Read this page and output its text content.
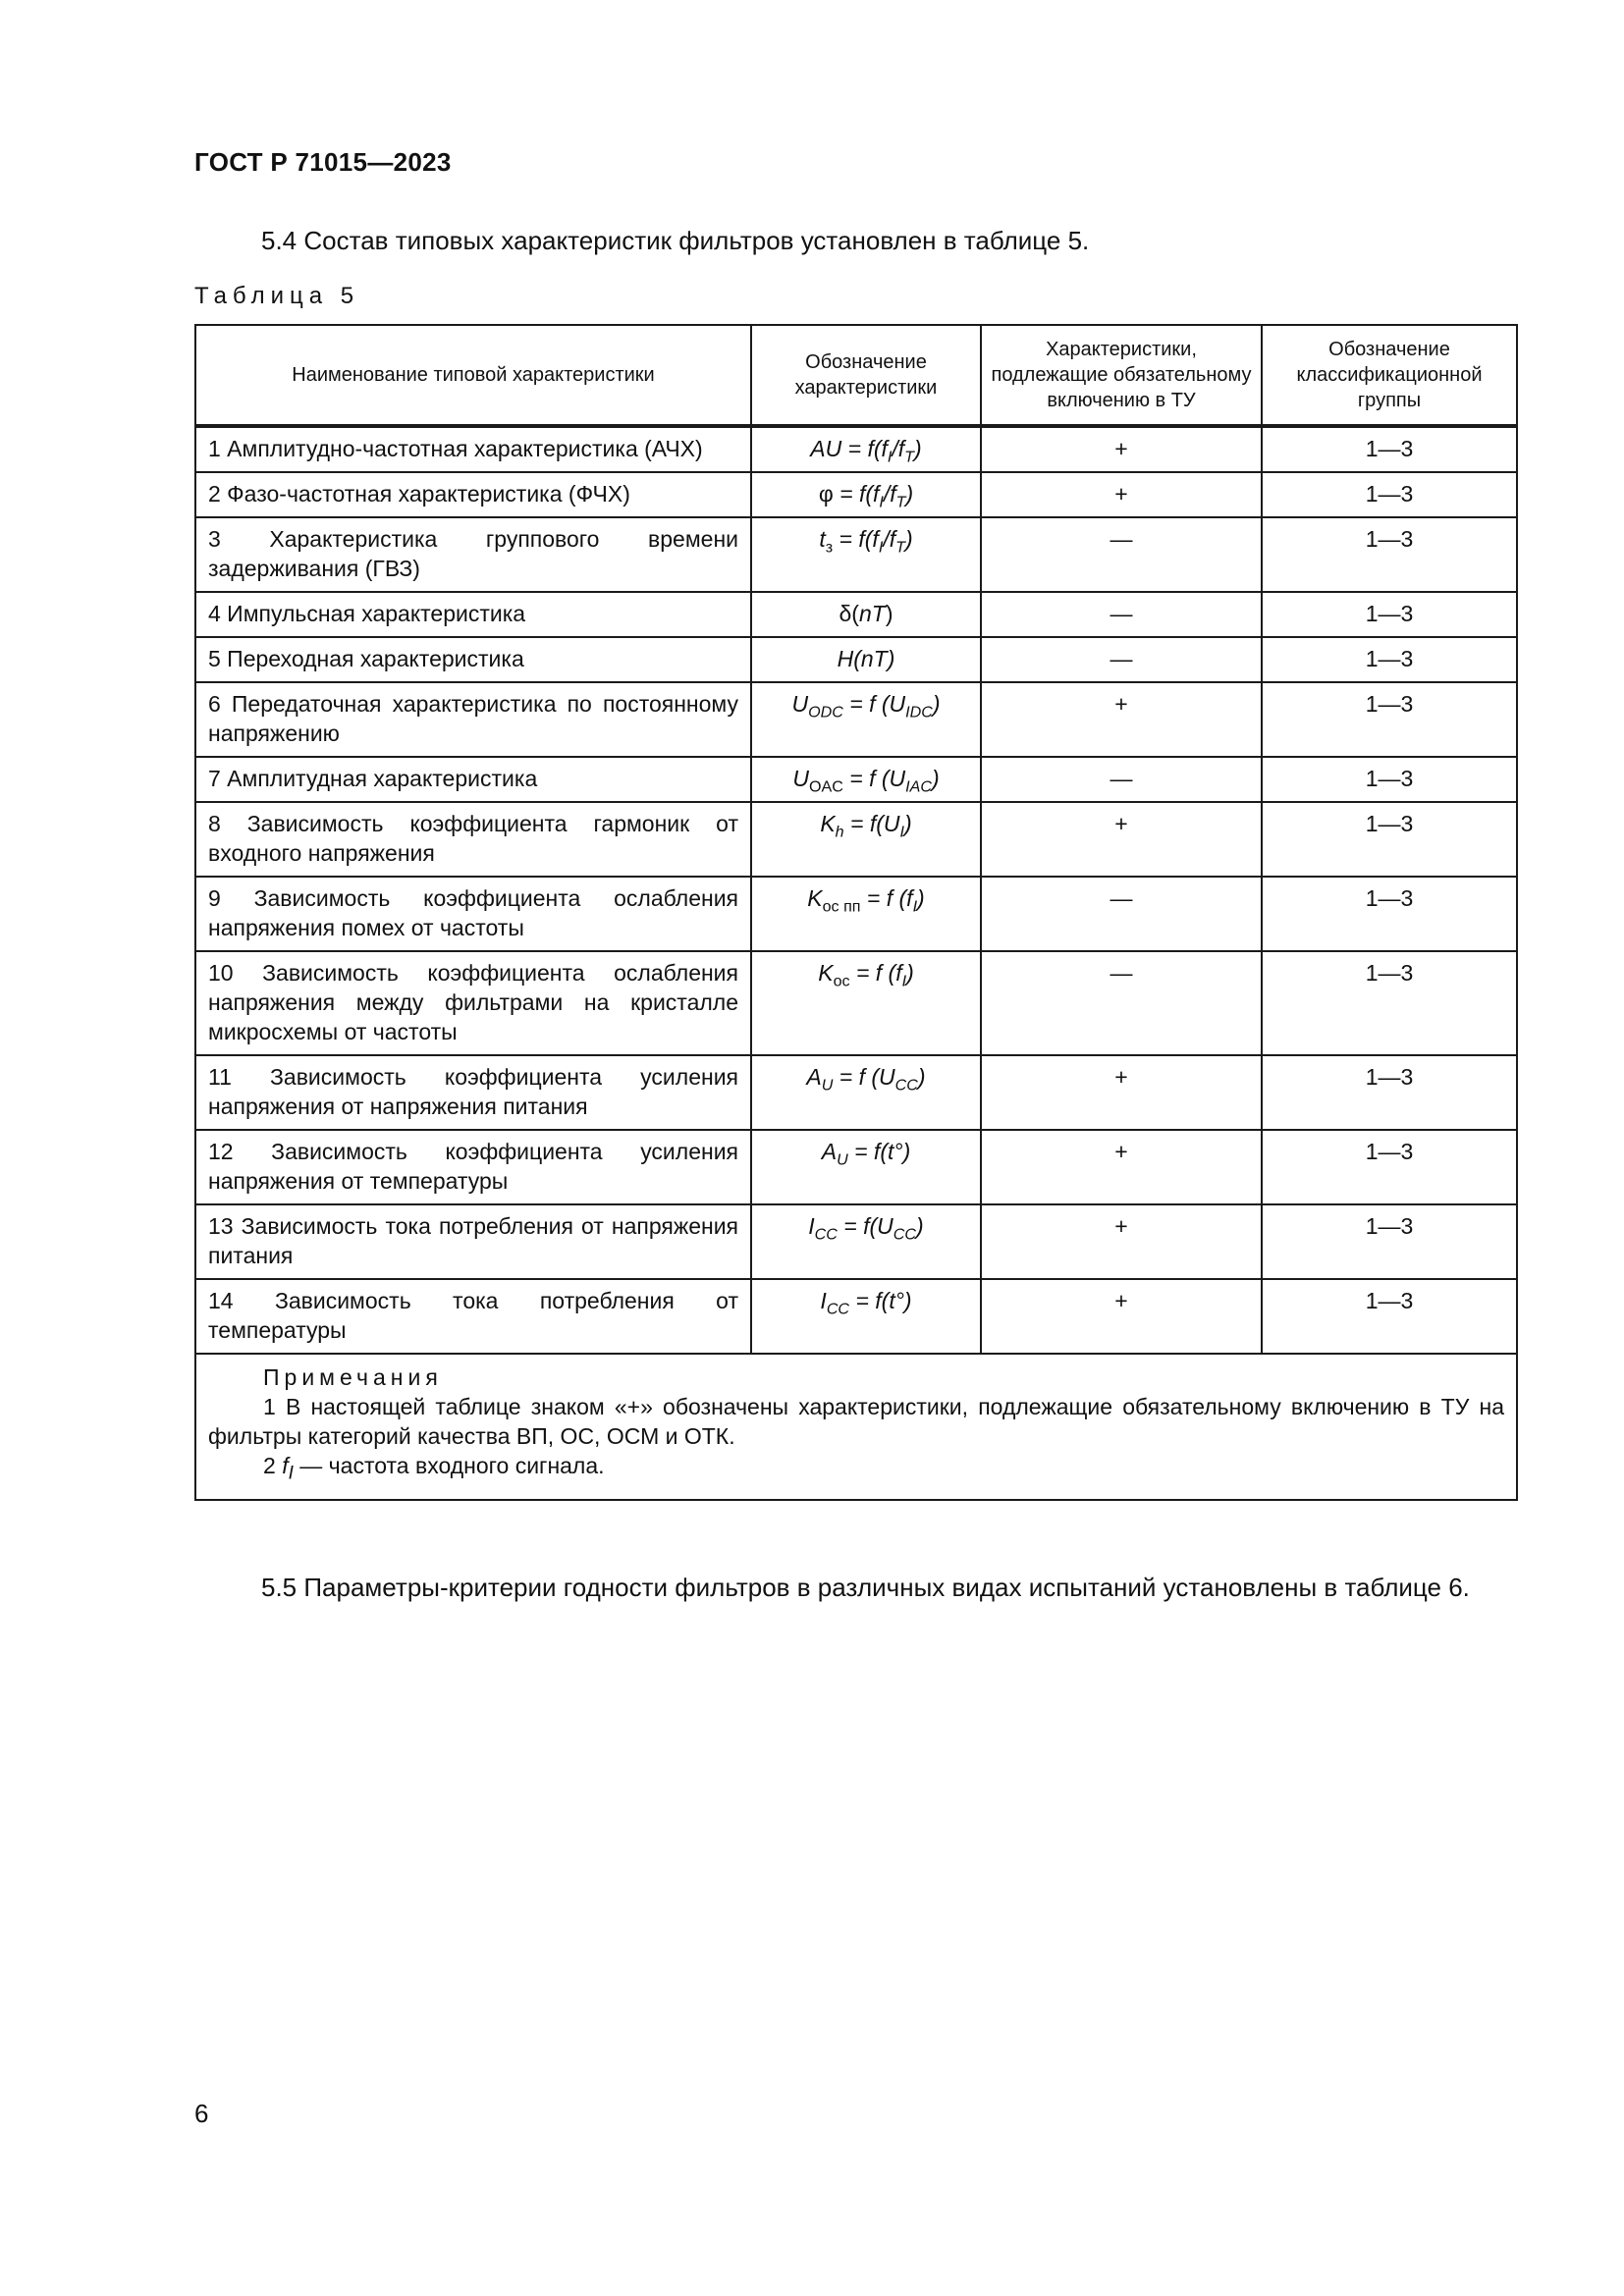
ГОСТ Р 71015—2023
5.4 Состав типовых характеристик фильтров установлен в таблице 5.
Таблица 5
Наименование типовой характеристики	Обозначение характеристики	Характеристики, подлежащие обязательному включению в ТУ	Обозначение классификационной группы
1 Амплитудно-частотная характеристика (АЧХ)	AU = $f(f_I/f_T)$	+	1—3
2 Фазо-частотная характеристика (ФЧХ)	$\varphi = f(f_I/f_T)$	+	1—3
3 Характеристика группового времени задерживания (ГВЗ)	$t_з = f(f_I/f_T)$	—	1—3
4 Импульсная характеристика	δ(nT)	—	1—3
5 Переходная характеристика	H(nT)	—	1—3
6 Передаточная характеристика по постоянному напряжению	$U_{ODC} = f$ $(U_{IDC})$	+	1—3
7 Амплитудная характеристика	$U_{OAC} = f$ $(U_{IAC})$	—	1—3
8 Зависимость коэффициента гармоник от входного напряжения	$K_h = f(U_I)$	+	1—3
9 Зависимость коэффициента ослабления напряжения помех от частоты	$K_{ос пп} = f$ $(f_I)$	—	1—3
10 Зависимость коэффициента ослабления напряжения между фильтрами на кристалле микросхемы от частоты	$K_{ос} = f$ $(f_I)$	—	1—3
11 Зависимость коэффициента усиления напряжения от напряжения питания	$A_U = f$ $(U_{CC})$	+	1—3
12 Зависимость коэффициента усиления напряжения от температуры	$A_U = f(t^\circ)$	+	1—3
13 Зависимость тока потребления от напряжения питания	$I_{CC} = f(U_{CC})$	+	1—3
14 Зависимость тока потребления от температуры	$I_{CC} = f(t^\circ)$	+	1—3

Примечания
1 В настоящей таблице знаком «+» обозначены характеристики, подлежащие обязательному включению в ТУ на фильтры категорий качества ВП, ОС, ОСМ и ОТК.
2 $f_I$ — частота входного сигнала.			
5.5 Параметры-критерии годности фильтров в различных видах испытаний установлены в таблице 6.
6
